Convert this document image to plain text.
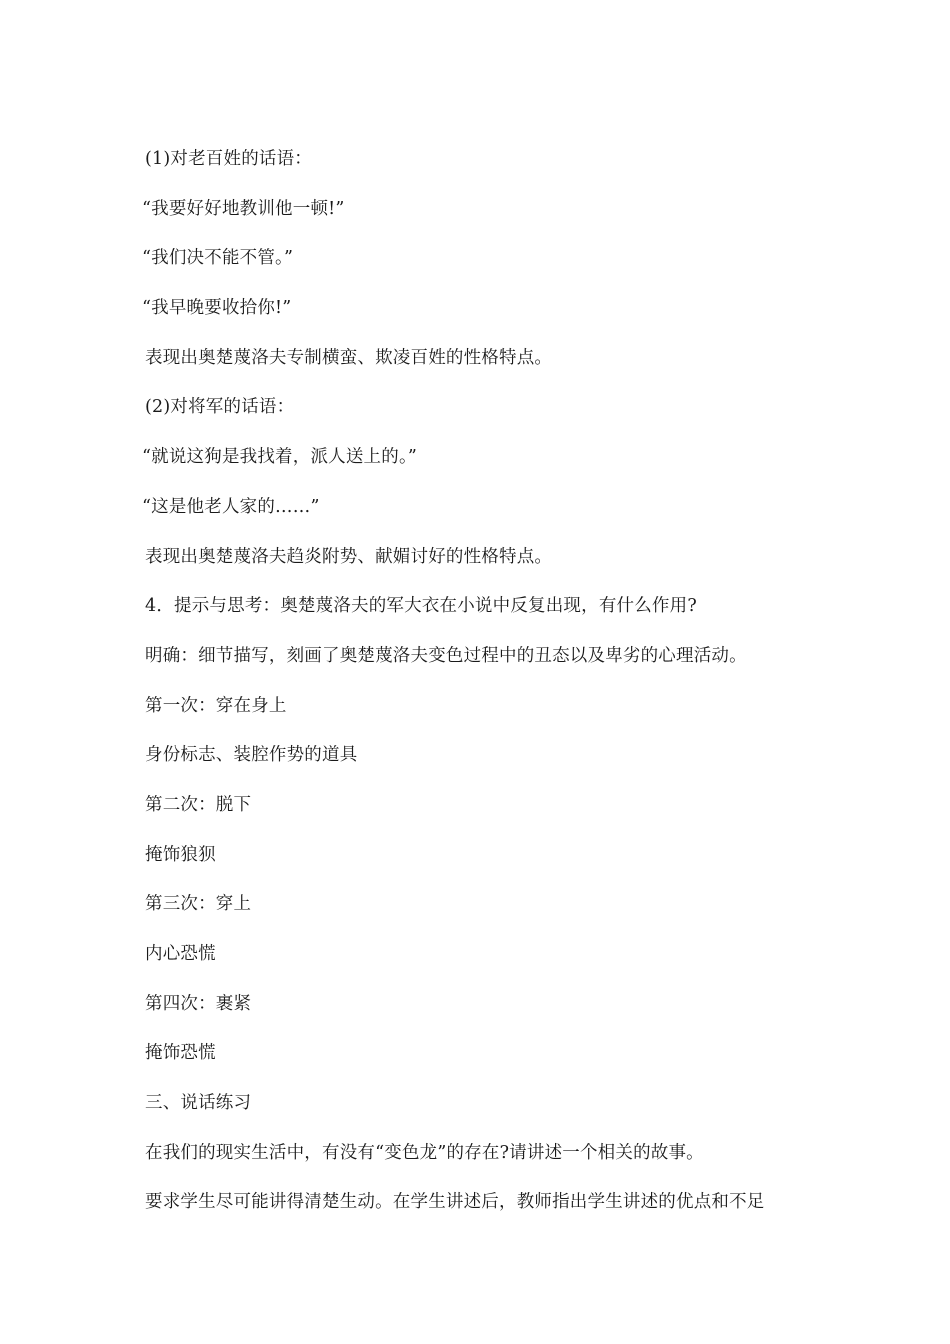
(1)对老百姓的话语：

“我要好好地教训他一顿!”

“我们决不能不管。”

“我早晚要收拾你!”

表现出奥楚蔑洛夫专制横蛮、欺凌百姓的性格特点。

(2)对将军的话语：

“就说这狗是我找着，派人送上的。”

“这是他老人家的……”

表现出奥楚蔑洛夫趋炎附势、献媚讨好的性格特点。

4．提示与思考：奥楚蔑洛夫的军大衣在小说中反复出现，有什么作用?

明确：细节描写，刻画了奥楚蔑洛夫变色过程中的丑态以及卑劣的心理活动。

第一次：穿在身上

身份标志、装腔作势的道具

第二次：脱下

掩饰狼狈

第三次：穿上

内心恐慌

第四次：裹紧

掩饰恐慌

三、说话练习

在我们的现实生活中，有没有“变色龙”的存在?请讲述一个相关的故事。

要求学生尽可能讲得清楚生动。在学生讲述后，教师指出学生讲述的优点和不足
